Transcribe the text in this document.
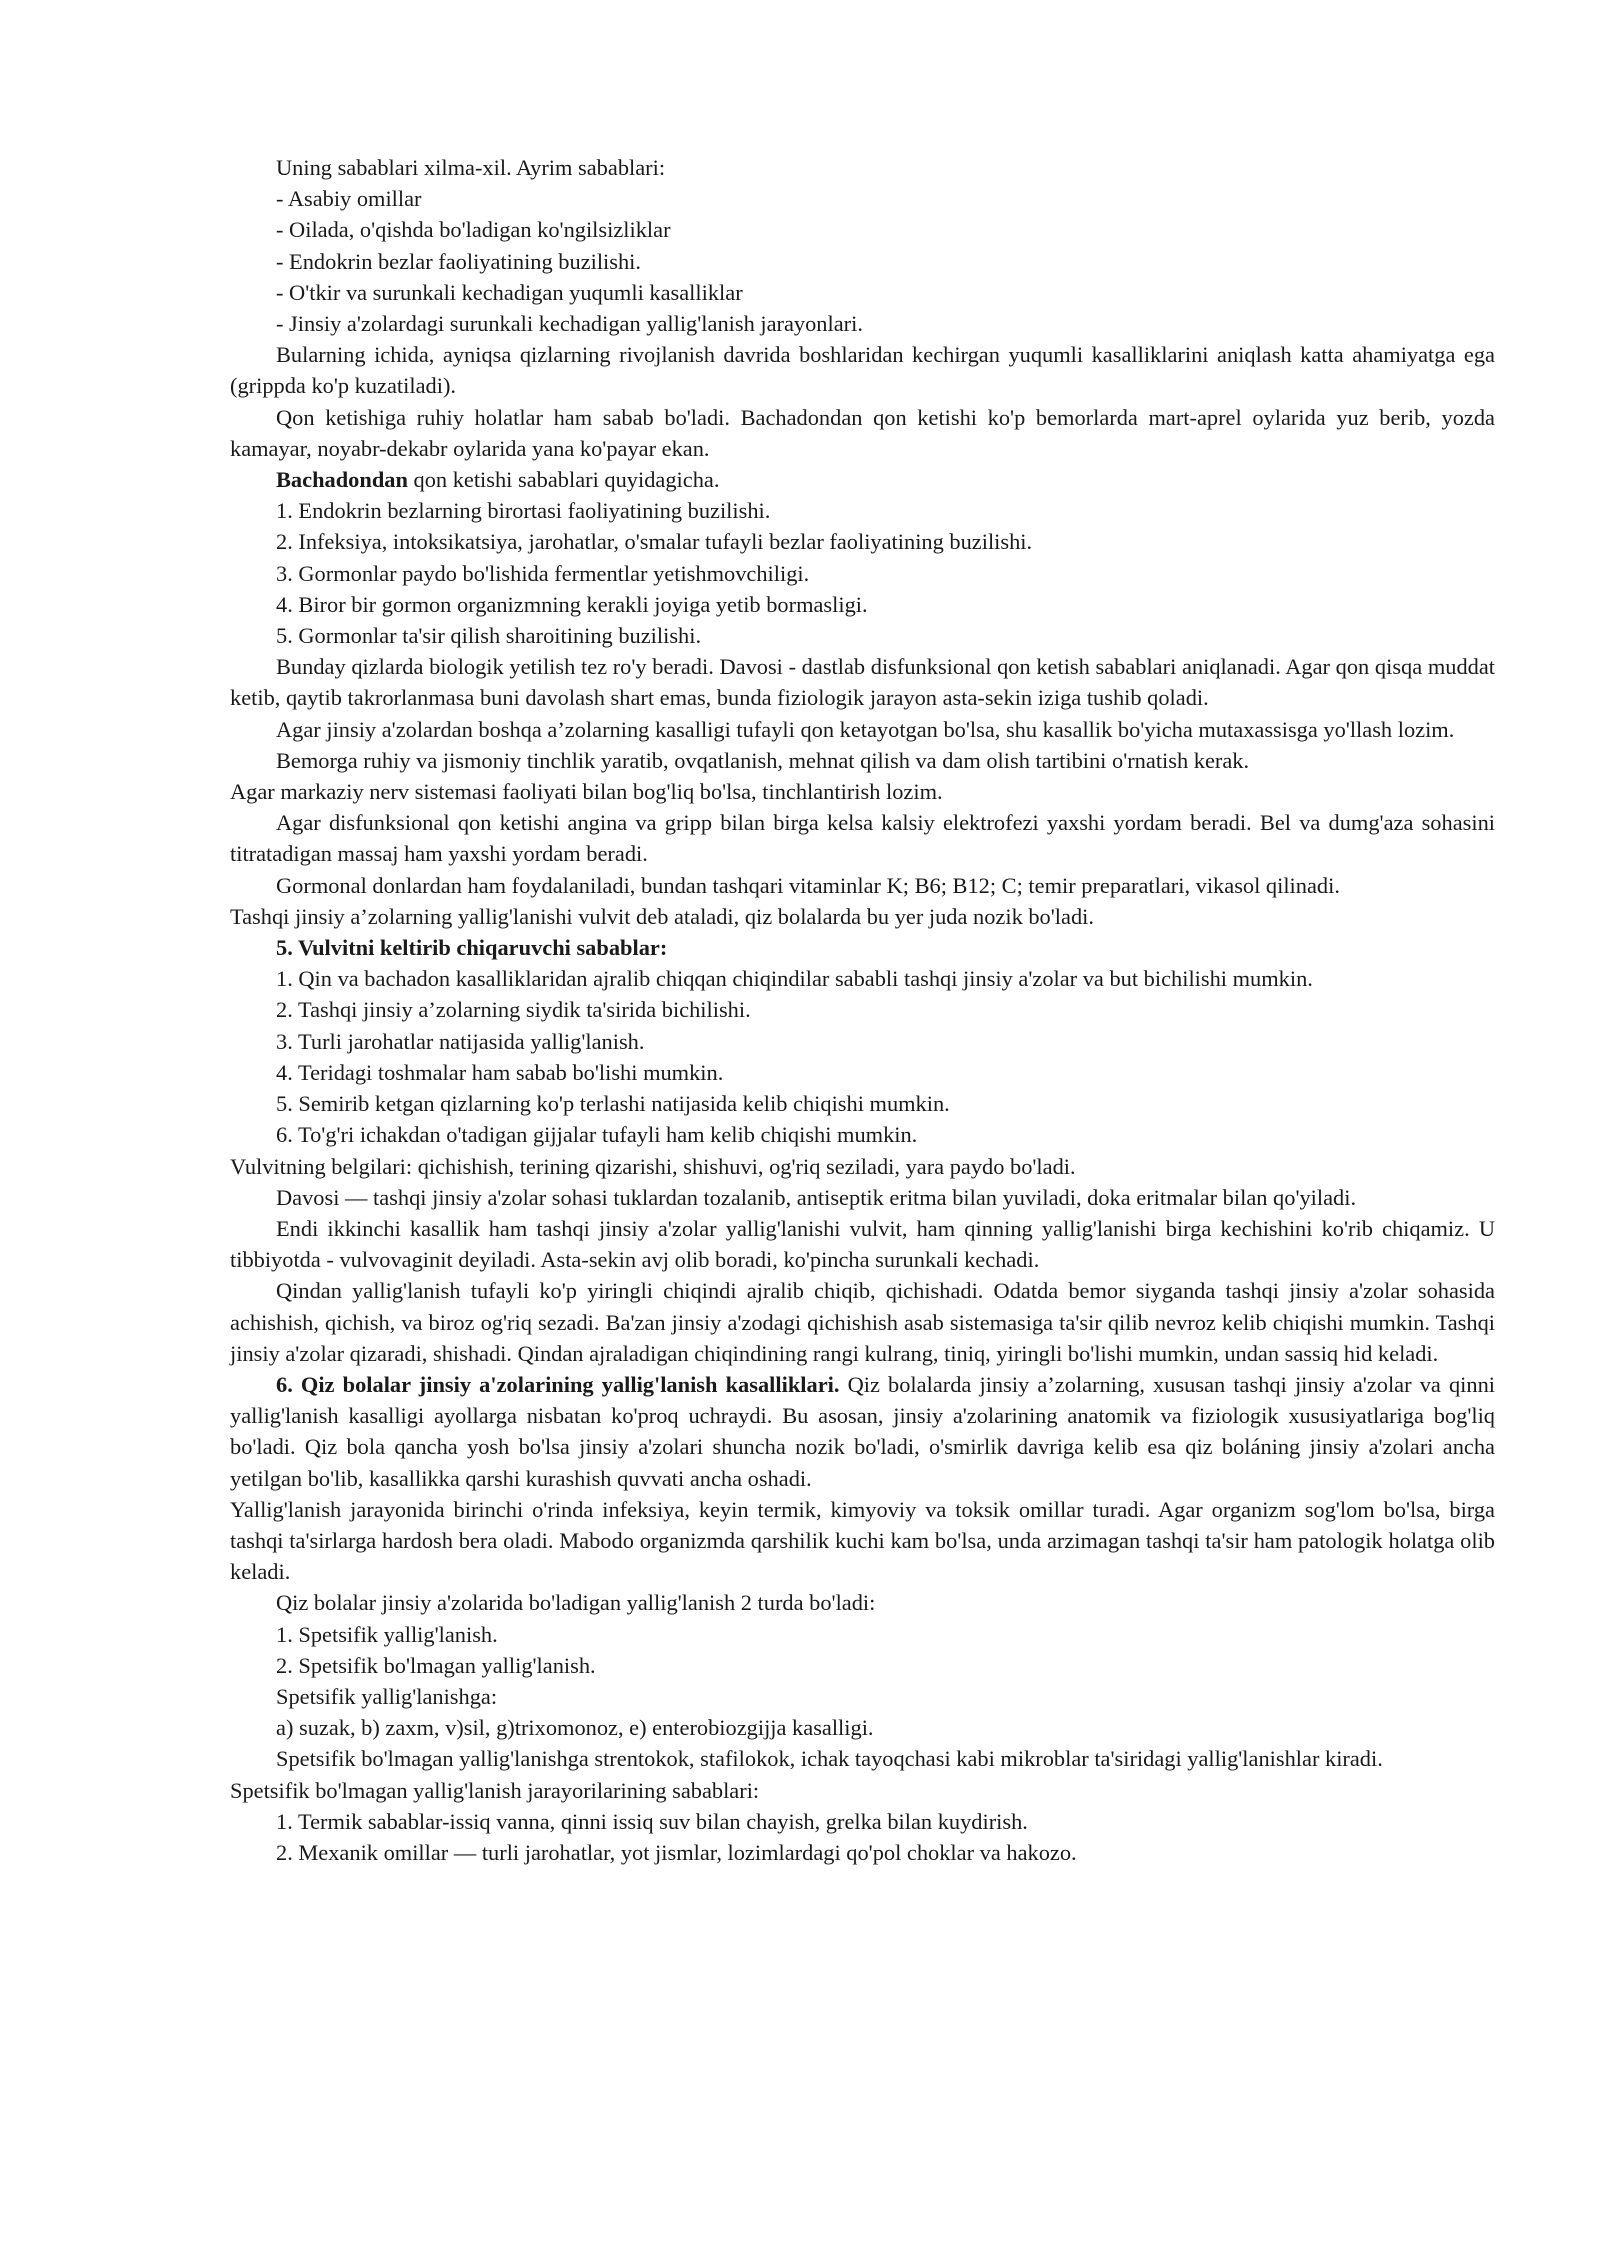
Uning sabablari xilma-xil. Ayrim sabablari:

- Asabiy omillar

- Oilada, o'qishda bo'ladigan ko'ngilsizliklar

- Endokrin bezlar faoliyatining buzilishi.

- O'tkir va surunkali kechadigan yuqumli kasalliklar

- Jinsiy a'zolardagi surunkali kechadigan yallig'lanish jarayonlari.

Bularning ichida, ayniqsa qizlarning rivojlanish davrida boshlaridan kechirgan yuqumli kasalliklarini aniqlash katta ahamiyatga ega (grippda ko'p kuzatiladi).

Qon ketishiga ruhiy holatlar ham sabab bo'ladi. Bachadondan qon ketishi ko'p bemorlarda mart-aprel oylarida yuz berib, yozda kamayar, noyabr-dekabr oylarida yana ko'payar ekan.

Bachadondan qon ketishi sabablari quyidagicha.

1. Endokrin bezlarning birortasi faoliyatining buzilishi.

2. Infeksiya, intoksikatsiya, jarohatlar, o'smalar tufayli bezlar faoliyatining buzilishi.

3. Gormonlar paydo bo'lishida fermentlar yetishmovchiligi.

4. Biror bir gormon organizmning kerakli joyiga yetib bormasligi.

5. Gormonlar ta'sir qilish sharoitining buzilishi.

Bunday qizlarda biologik yetilish tez ro'y beradi. Davosi - dastlab disfunksional qon ketish sabablari aniqlanadi. Agar qon qisqa muddat ketib, qaytib takrorlanmasa buni davolash shart emas, bunda fiziologik jarayon asta-sekin iziga tushib qoladi.

Agar jinsiy a'zolardan boshqa a’zolarning kasalligi tufayli qon ketayotgan bo'lsa, shu kasallik bo'yicha mutaxassisga yo'llash lozim.

Bemorga ruhiy va jismoniy tinchlik yaratib, ovqatlanish, mehnat qilish va dam olish tartibini o'rnatish kerak.

Agar markaziy nerv sistemasi faoliyati bilan bog'liq bo'lsa, tinchlantirish lozim.

Agar disfunksional qon ketishi angina va gripp bilan birga kelsa kalsiy elektrofezi yaxshi yordam beradi. Bel va dumg'aza sohasini titratadigan massaj ham yaxshi yordam beradi.

Gormonal donlardan ham foydalaniladi, bundan tashqari vitaminlar K; B6; B12; C; temir preparatlari, vikasol qilinadi.

Tashqi jinsiy a’zolarning yallig'lanishi vulvit deb ataladi, qiz bolalarda bu yer juda nozik bo'ladi.

5. Vulvitni keltirib chiqaruvchi sabablar:

1. Qin va bachadon kasalliklaridan ajralib chiqqan chiqindilar sababli tashqi jinsiy a'zolar va but bichilishi mumkin.

2. Tashqi jinsiy a’zolarning siydik ta'sirida bichilishi.

3. Turli jarohatlar natijasida yallig'lanish.

4. Teridagi toshmalar ham sabab bo'lishi mumkin.

5. Semirib ketgan qizlarning ko'p terlashi natijasida kelib chiqishi mumkin.

6. To'g'ri ichakdan o'tadigan gijjalar tufayli ham kelib chiqishi mumkin.

Vulvitning belgilari: qichishish, terining qizarishi, shishuvi, og'riq seziladi, yara paydo bo'ladi.

Davosi — tashqi jinsiy a'zolar sohasi tuklardan tozalanib, antiseptik eritma bilan yuviladi, doka eritmalar bilan qo'yiladi.

Endi ikkinchi kasallik ham tashqi jinsiy a'zolar yallig'lanishi vulvit, ham qinning yallig'lanishi birga kechishini ko'rib chiqamiz. U tibbiyotda - vulvovaginit deyiladi. Asta-sekin avj olib boradi, ko'pincha surunkali kechadi.

Qindan yallig'lanish tufayli ko'p yiringli chiqindi ajralib chiqib, qichishadi. Odatda bemor siyganda tashqi jinsiy a'zolar sohasida achishish, qichish, va biroz og'riq sezadi. Ba'zan jinsiy a'zodagi qichishish asab sistemasiga ta'sir qilib nevroz kelib chiqishi mumkin. Tashqi jinsiy a'zolar qizaradi, shishadi. Qindan ajraladigan chiqindining rangi kulrang, tiniq, yiringli bo'lishi mumkin, undan sassiq hid keladi.

6. Qiz bolalar jinsiy a'zolarining yallig'lanish kasalliklari. Qiz bolalarda jinsiy a’zolarning, xususan tashqi jinsiy a'zolar va qinni yallig'lanish kasalligi ayollarga nisbatan ko'proq uchraydi. Bu asosan, jinsiy a'zolarining anatomik va fiziologik xususiyatlariga bog'liq bo'ladi. Qiz bola qancha yosh bo'lsa jinsiy a'zolari shuncha nozik bo'ladi, o'smirlik davriga kelib esa qiz boláning jinsiy a'zolari ancha yetilgan bo'lib, kasallikka qarshi kurashish quvvati ancha oshadi.

Yallig'lanish jarayonida birinchi o'rinda infeksiya, keyin termik, kimyoviy va toksik omillar turadi. Agar organizm sog'lom bo'lsa, birga tashqi ta'sirlarga hardosh bera oladi. Mabodo organizmda qarshilik kuchi kam bo'lsa, unda arzimagan tashqi ta'sir ham patologik holatga olib keladi.

Qiz bolalar jinsiy a'zolarida bo'ladigan yallig'lanish 2 turda bo'ladi:

1. Spetsifik yallig'lanish.

2. Spetsifik bo'lmagan yallig'lanish.

Spetsifik yallig'lanishga:

a) suzak, b) zaxm, v)sil, g)trixomonoz, e) enterobiozgijja kasalligi.

Spetsifik bo'lmagan yallig'lanishga strentokok, stafilokok, ichak tayoqchasi kabi mikroblar ta'siridagi yallig'lanishlar kiradi.

Spetsifik bo'lmagan yallig'lanish jarayorilarining sabablari:

1. Termik sabablar-issiq vanna, qinni issiq suv bilan chayish, grelka bilan kuydirish.

2. Mexanik omillar — turli jarohatlar, yot jismlar, lozimlardagi qo'pol choklar va hakozo.
